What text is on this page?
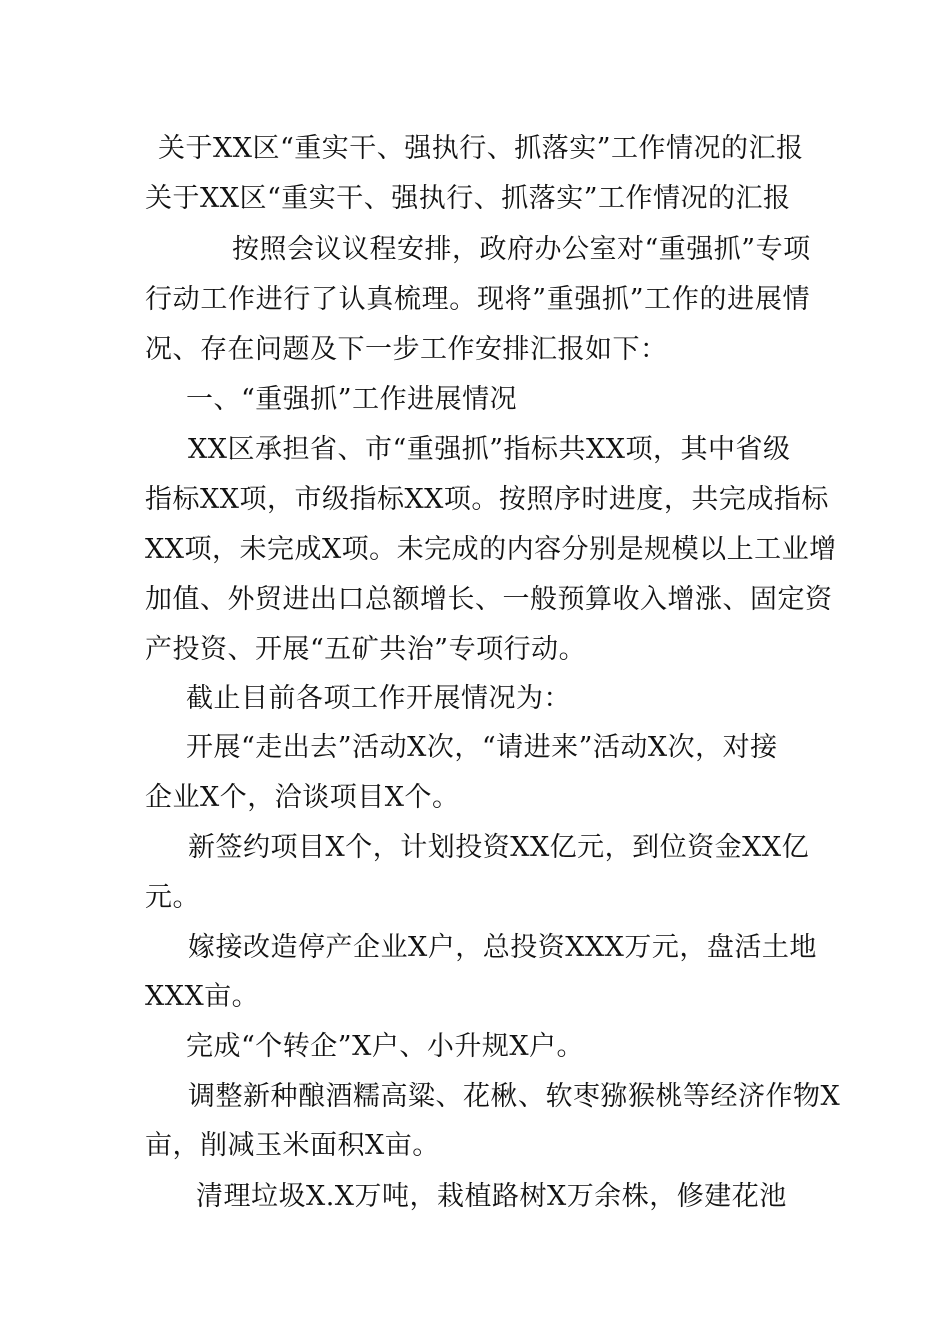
关于XX区“重实干、强执行、抓落实”工作情况的汇报
关于XX区“重实干、强执行、抓落实”工作情况的汇报
按照会议议程安排，政府办公室对“重强抓”专项
行动工作进行了认真梳理。现将”重强抓”工作的进展情
况、存在问题及下一步工作安排汇报如下：
一、“重强抓”工作进展情况
XX区承担省、市“重强抓”指标共XX项，其中省级
指标XX项，市级指标XX项。按照序时进度，共完成指标
XX项，未完成X项。未完成的内容分别是规模以上工业增
加值、外贸进出口总额增长、一般预算收入增涨、固定资
产投资、开展“五矿共治”专项行动。
截止目前各项工作开展情况为：
开展“走出去”活动X次，“请进来”活动X次，对接
企业X个，洽谈项目X个。
新签约项目X个，计划投资XX亿元，到位资金XX亿
元。
嫁接改造停产企业X户，总投资XXX万元，盘活土地
XXX亩。
完成“个转企”X户、小升规X户。
调整新种酿酒糯高粱、花楸、软枣猕猴桃等经济作物X
亩，削减玉米面积X亩。
清理垃圾X.X万吨，栽植路树X万余株，修建花池
